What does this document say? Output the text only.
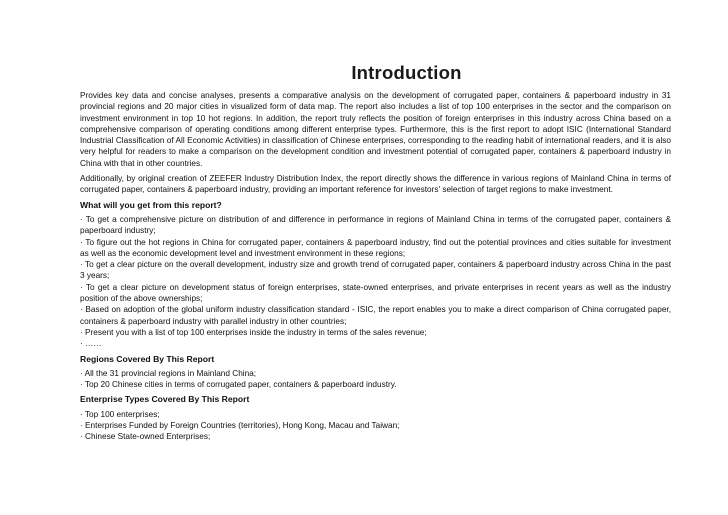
Introduction

Provides key data and concise analyses, presents a comparative analysis on the development of corrugated paper, containers & paperboard industry in 31 provincial regions and 20 major cities in visualized form of data map. The report also includes a list of top 100 enterprises in the sector and the comparison on investment environment in top 10 hot regions. In addition, the report truly reflects the position of foreign enterprises in this industry across China based on a comprehensive comparison of operating conditions among different enterprise types. Furthermore, this is the first report to adopt ISIC (International Standard Industrial Classification of All Economic Activities) in classification of Chinese enterprises, corresponding to the reading habit of international readers, and it is also very helpful for readers to make a comparison on the development condition and investment potential of corrugated paper, containers & paperboard industry in China with that in other countries.

Additionally, by original creation of ZEEFER Industry Distribution Index, the report directly shows the difference in various regions of Mainland China in terms of corrugated paper, containers & paperboard industry, providing an important reference for investors' selection of target regions to make investment.

What will you get from this report?
· To get a comprehensive picture on distribution of and difference in performance in regions of Mainland China in terms of the corrugated paper, containers & paperboard industry;
· To figure out the hot regions in China for corrugated paper, containers & paperboard industry, find out the potential provinces and cities suitable for investment as well as the economic development level and investment environment in these regions;
· To get a clear picture on the overall development, industry size and growth trend of corrugated paper, containers & paperboard industry across China in the past 3 years;
· To get a clear picture on development status of foreign enterprises, state-owned enterprises, and private enterprises in recent years as well as the industry position of the above ownerships;
· Based on adoption of the global uniform industry classification standard - ISIC, the report enables you to make a direct comparison of China corrugated paper, containers & paperboard industry with parallel industry in other countries;
· Present you with a list of top 100 enterprises inside the industry in terms of the sales revenue;
· ……
Regions Covered By This Report
· All the 31 provincial regions in Mainland China;
· Top 20 Chinese cities in terms of corrugated paper, containers & paperboard industry.
Enterprise Types Covered By This Report
· Top 100 enterprises;
· Enterprises Funded by Foreign Countries (territories), Hong Kong, Macau and Taiwan;
· Chinese State-owned Enterprises;
